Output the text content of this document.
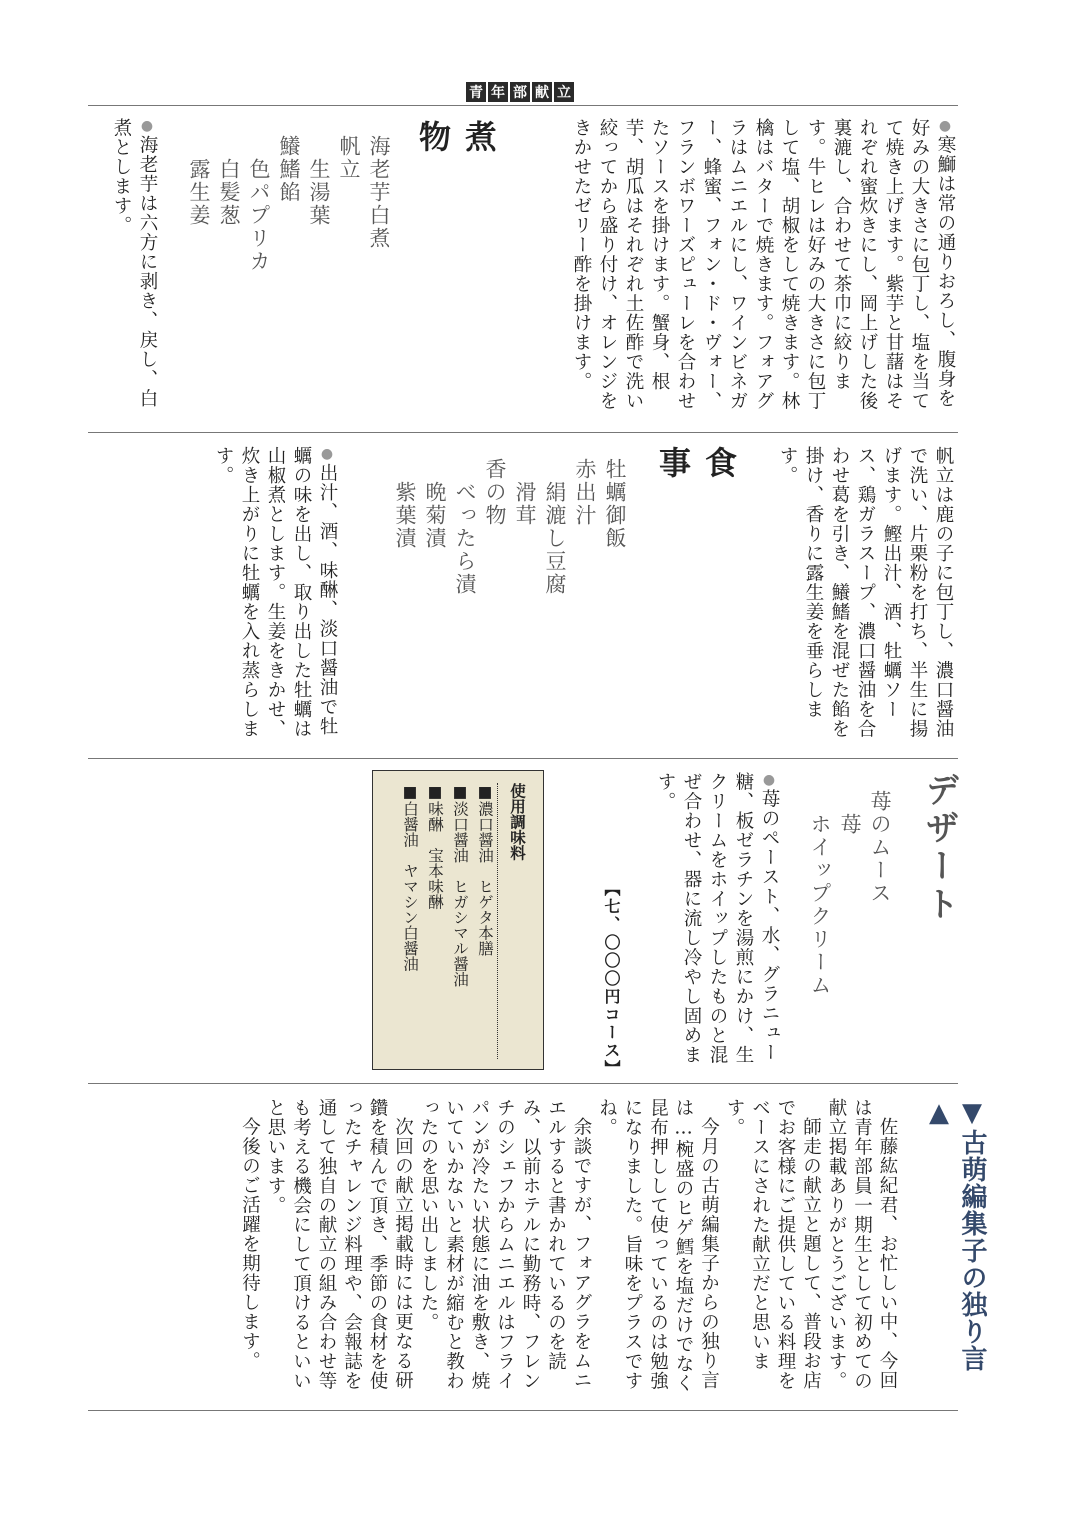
青 年 部 献 立
● 寒鰤は常の通りおろし、腹身を好みの大きさに包丁し、塩を当てて焼き上げます。紫芋と甘藷はそれぞれ蜜炊きにし、岡上げした後裏漉し、合わせて茶巾に絞ります。牛ヒレは好みの大きさに包丁して塩、胡椒をして焼きます。林檎はバターで焼きます。フォアグラはムニエルにし、ワインビネガー、蜂蜜、フォン・ド・ヴォー、フランボワーズピューレを合わせたソースを掛けます。蟹身、根芋、胡瓜はそれぞれ土佐酢で洗い絞ってから盛り付け、オレンジをきかせたゼリー酢を掛けます。
煮　物
海老芋白煮
帆立
　生湯葉
鱶鰭餡
　色パプリカ
　白髪葱
　露生姜
● 海老芋は六方に剥き、戻し、白煮とします。
帆立は鹿の子に包丁し、濃口醤油で洗い、片栗粉を打ち、半生に揚げます。鰹出汁、酒、牡蠣ソース、鶏ガラスープ、濃口醤油を合わせ葛を引き、鱶鰭を混ぜた餡を掛け、香りに露生姜を垂らします。
食　事
牡蠣御飯
赤出汁
　絹漉し豆腐
　滑茸
香の物
　べったら漬
　晩菊漬
　紫葉漬
● 出汁、酒、味醂、淡口醤油で牡蠣の味を出し、取り出した牡蠣は山椒煮とします。生姜をきかせ、炊き上がりに牡蠣を入れ蒸らします。
デザート
苺のムース
　苺
　ホイップクリーム
● 苺のペースト、水、グラニュー糖、板ゼラチンを湯煎にかけ、生クリームをホイップしたものと混ぜ合わせ、器に流し冷やし固めます。
【七、〇〇〇円コース】
使用調味料
■濃口醤油　ヒゲタ本膳
■淡口醤油　ヒガシマル醤油
■味醂　宝本味醂
■白醤油　ヤマシン白醤油
▼古萌編集子の独り言▲
佐藤紘紀君、お忙しい中、今回は青年部員一期生として初めての献立掲載ありがとうございます。
師走の献立と題して、普段お店でお客様にご提供している料理をベースにされた献立だと思います。
今月の古萌編集子からの独り言は…椀盛のヒゲ鱈を塩だけでなく昆布押しして使っているのは勉強になりました。旨味をプラスですね。
余談ですが、フォアグラをムニエルすると書かれているのを読み、以前ホテルに勤務時、フレンチのシェフからムニエルはフライパンが冷たい状態に油を敷き、焼いていかないと素材が縮むと教わったのを思い出しました。
次回の献立掲載時には更なる研鑽を積んで頂き、季節の食材を使ったチャレンジ料理や、会報誌を通して独自の献立の組み合わせ等も考える機会にして頂けるといいと思います。
今後のご活躍を期待します。
